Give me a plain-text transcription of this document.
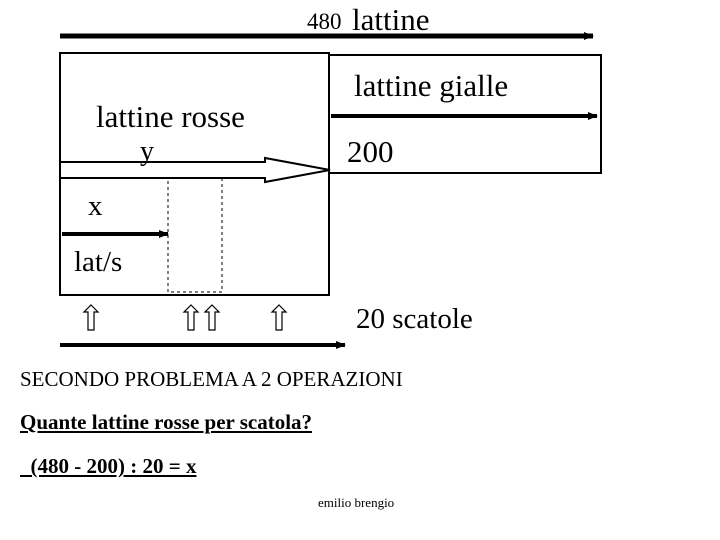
480 lattine
lattine gialle
200
lattine rosse
y
x
lat/s
20 scatole
SECONDO PROBLEMA A 2 OPERAZIONI
Quante lattine rosse per scatola?
(480 - 200) : 20 = x
emilio brengio
